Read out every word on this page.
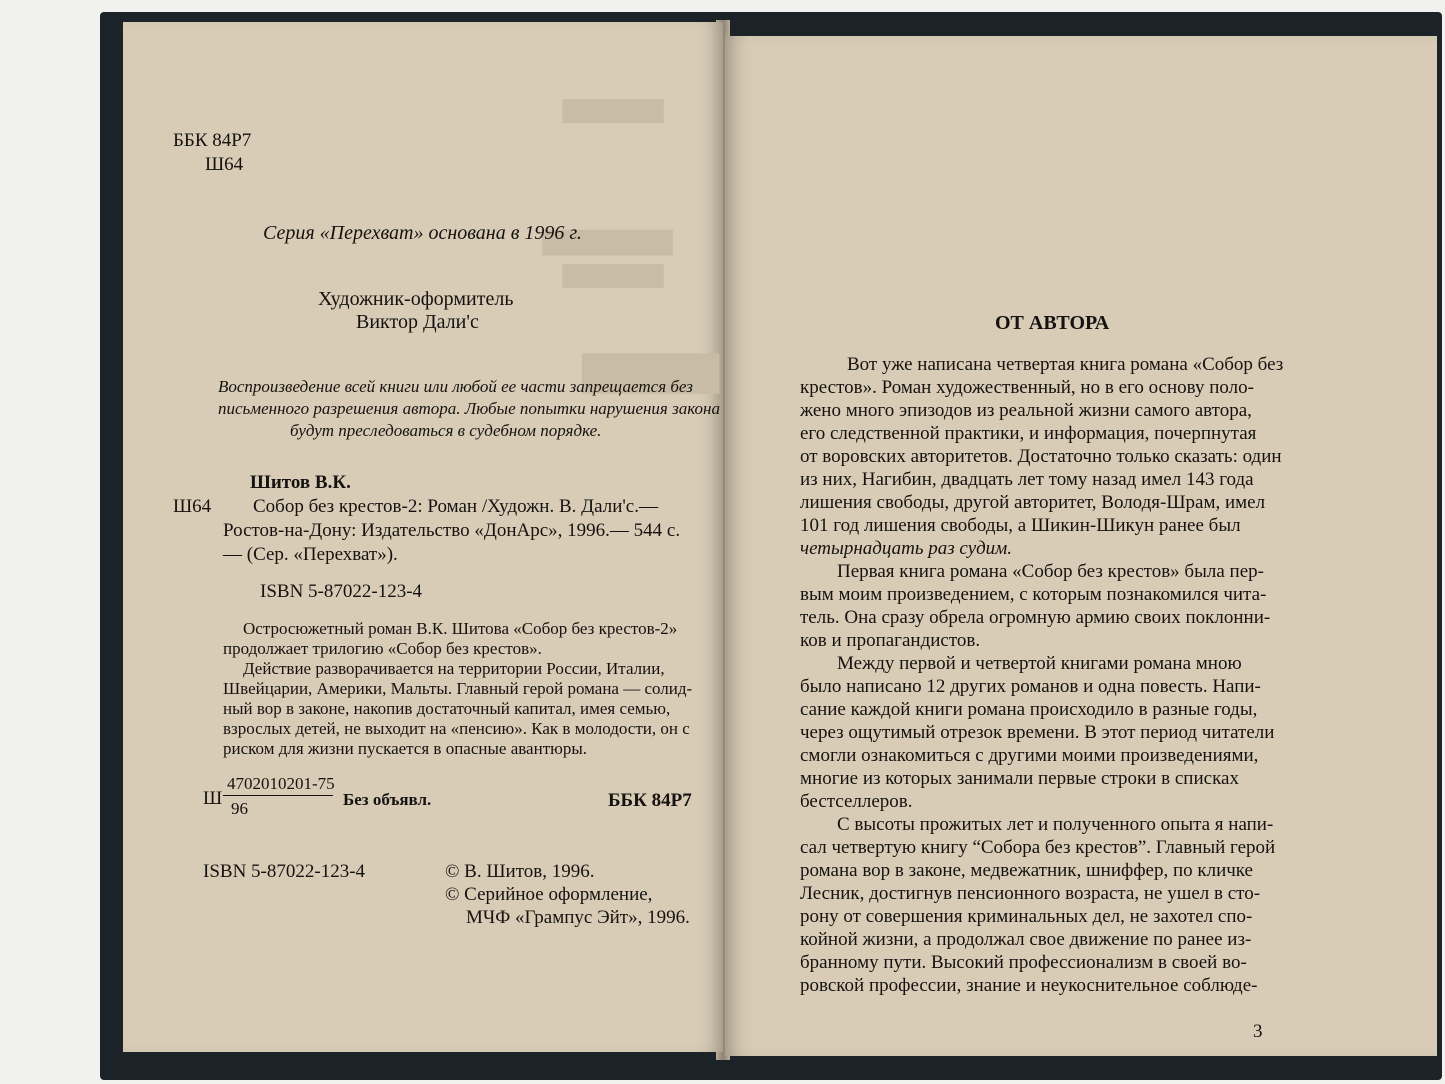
▆▆▆▆▆
▆▆▆▆▆▆
▆▆▆▆▆
▆▆▆▆
ББК 84Р7
Ш64
Серия «Перехват» основана в 1996 г.
Художник-оформитель
Виктор Дали'с
Воспроизведение всей книги или любой ее части запрещается без
письменного разрешения автора. Любые попытки нарушения закона
будут преследоваться в судебном порядке.
Шитов В.К.
Ш64 Собор без крестов-2: Роман /Художн. В. Дали'с.—
Ростов-на-Дону: Издательство «ДонАрс», 1996.— 544 с.
— (Сер. «Перехват»).
ISBN 5-87022-123-4
Остросюжетный роман В.К. Шитова «Собор без крестов-2»
продолжает трилогию «Собор без крестов».
Действие разворачивается на территории России, Италии,
Швейцарии, Америки, Мальты. Главный герой романа — солид-
ный вор в законе, накопив достаточный капитал, имея семью,
взрослых детей, не выходит на «пенсию». Как в молодости, он с
риском для жизни пускается в опасные авантюры.
Ш
4702010201-75
96	Без объявл.	ББК 84Р7
ISBN 5-87022-123-4	© В. Шитов, 1996.
© Серийное оформление,
МЧФ «Грампус Эйт», 1996.
ОТ АВТОРА
Вот уже написана четвертая книга романа «Собор без
крестов». Роман художественный, но в его основу поло-
жено много эпизодов из реальной жизни самого автора,
его следственной практики, и информация, почерпнутая
от воровских авторитетов. Достаточно только сказать: один
из них, Нагибин, двадцать лет тому назад имел 143 года
лишения свободы, другой авторитет, Володя-Шрам, имел
101 год лишения свободы, а Шикин-Шикун ранее был
четырнадцать раз судим.
Первая книга романа «Собор без крестов» была пер-
вым моим произведением, с которым познакомился чита-
тель. Она сразу обрела огромную армию своих поклонни-
ков и пропагандистов.
Между первой и четвертой книгами романа мною
было написано 12 других романов и одна повесть. Напи-
сание каждой книги романа происходило в разные годы,
через ощутимый отрезок времени. В этот период читатели
смогли ознакомиться с другими моими произведениями,
многие из которых занимали первые строки в списках
бестселлеров.
С высоты прожитых лет и полученного опыта я напи-
сал четвертую книгу “Собора без крестов”. Главный герой
романа вор в законе, медвежатник, шниффер, по кличке
Лесник, достигнув пенсионного возраста, не ушел в сто-
рону от совершения криминальных дел, не захотел спо-
койной жизни, а продолжал свое движение по ранее из-
бранному пути. Высокий профессионализм в своей во-
ровской профессии, знание и неукоснительное соблюде-
3
